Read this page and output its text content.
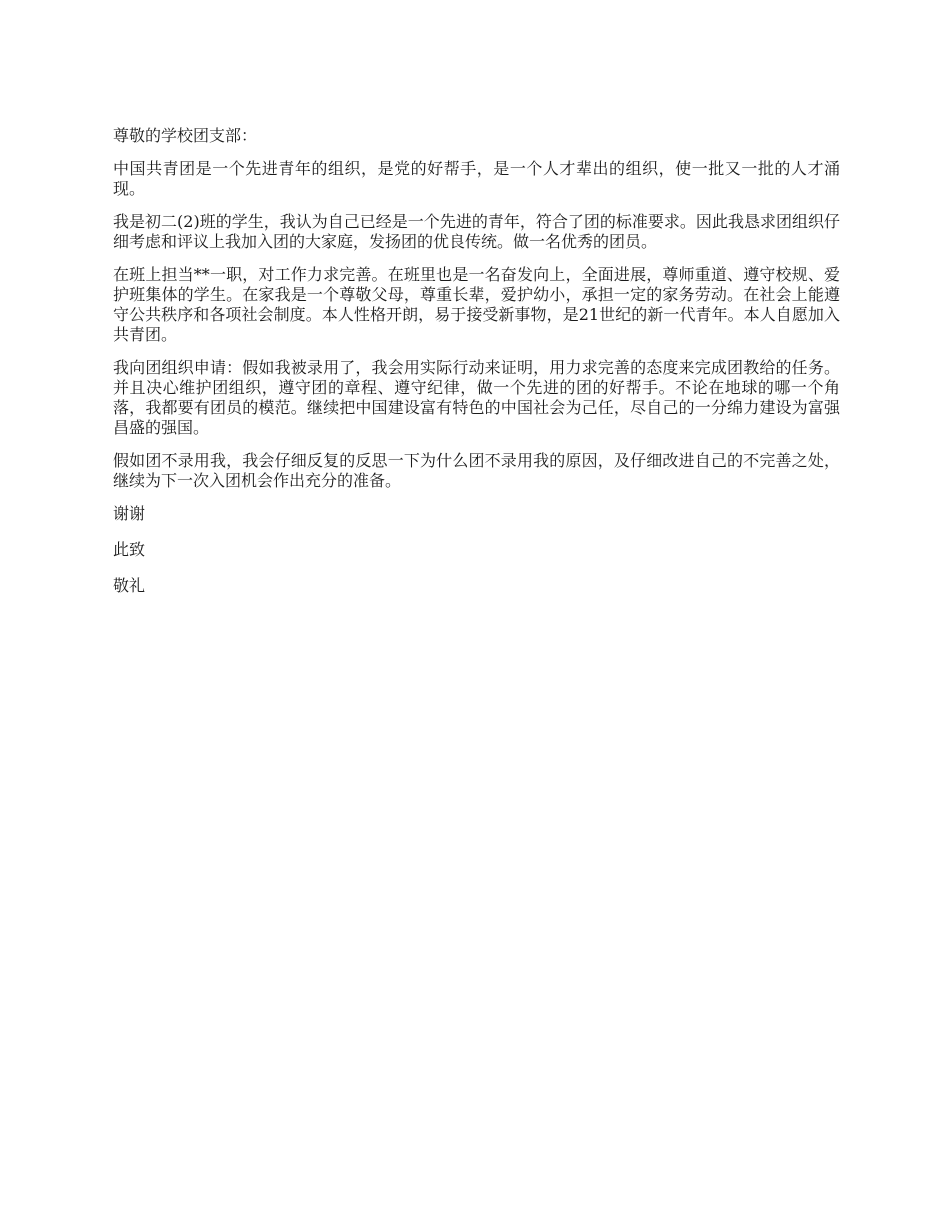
尊敬的学校团支部：

中国共青团是一个先进青年的组织，是党的好帮手，是一个人才辈出的组织，使一批又一批的人才涌现。

我是初二(2)班的学生，我认为自己已经是一个先进的青年，符合了团的标准要求。因此我恳求团组织仔细考虑和评议上我加入团的大家庭，发扬团的优良传统。做一名优秀的团员。

在班上担当**一职，对工作力求完善。在班里也是一名奋发向上，全面进展，尊师重道、遵守校规、爱护班集体的学生。在家我是一个尊敬父母，尊重长辈，爱护幼小，承担一定的家务劳动。在社会上能遵守公共秩序和各项社会制度。本人性格开朗，易于接受新事物，是21世纪的新一代青年。本人自愿加入共青团。

我向团组织申请：假如我被录用了，我会用实际行动来证明，用力求完善的态度来完成团教给的任务。并且决心维护团组织，遵守团的章程、遵守纪律，做一个先进的团的好帮手。不论在地球的哪一个角落，我都要有团员的模范。继续把中国建设富有特色的中国社会为己任，尽自己的一分绵力建设为富强昌盛的强国。

假如团不录用我，我会仔细反复的反思一下为什么团不录用我的原因，及仔细改进自己的不完善之处，继续为下一次入团机会作出充分的准备。

谢谢

此致

敬礼
